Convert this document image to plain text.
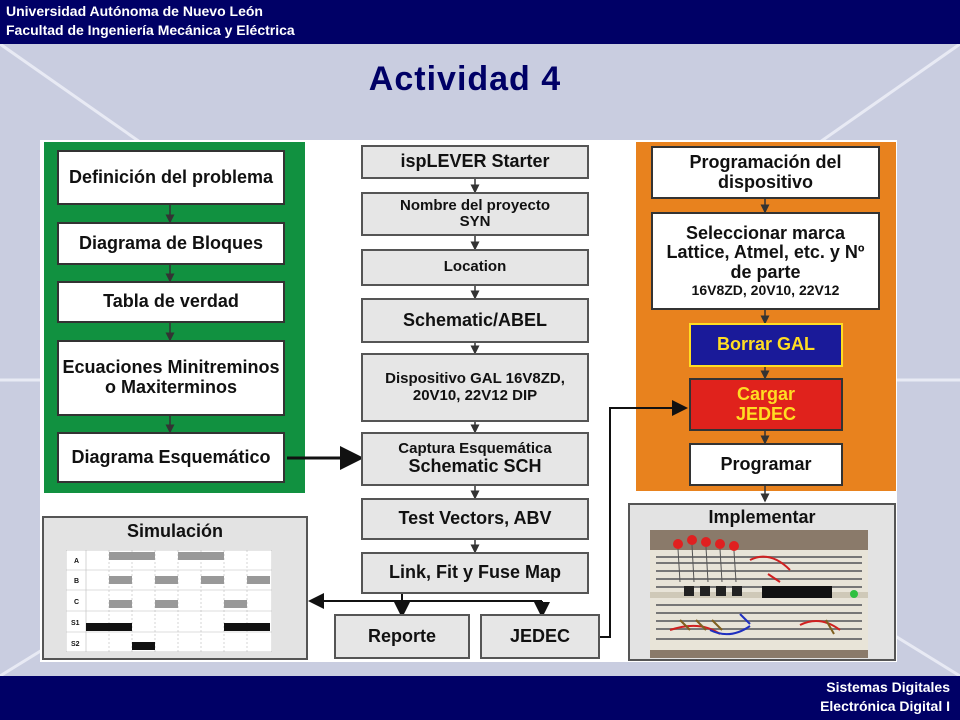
Universidad Autónoma de Nuevo León
Facultad de Ingeniería Mecánica y Eléctrica
Actividad 4
Definición del problema
Diagrama de Bloques
Tabla de verdad
Ecuaciones Minitreminos o Maxiterminos
Diagrama Esquemático
ispLEVER Starter
Nombre del proyecto SYN
Location
Schematic/ABEL
Dispositivo GAL 16V8ZD, 20V10, 22V12 DIP
Captura Esquemática
Schematic SCH
Test Vectors, ABV
Link, Fit y Fuse Map
Reporte	JEDEC
Programación del dispositivo
Seleccionar marca Lattice, Atmel, etc. y Nº de parte
16V8ZD, 20V10, 22V12
Borrar GAL
Cargar JEDEC
Programar
Simulación
A
B
C
S1
S2
Implementar
Sistemas Digitales
Electrónica Digital I
